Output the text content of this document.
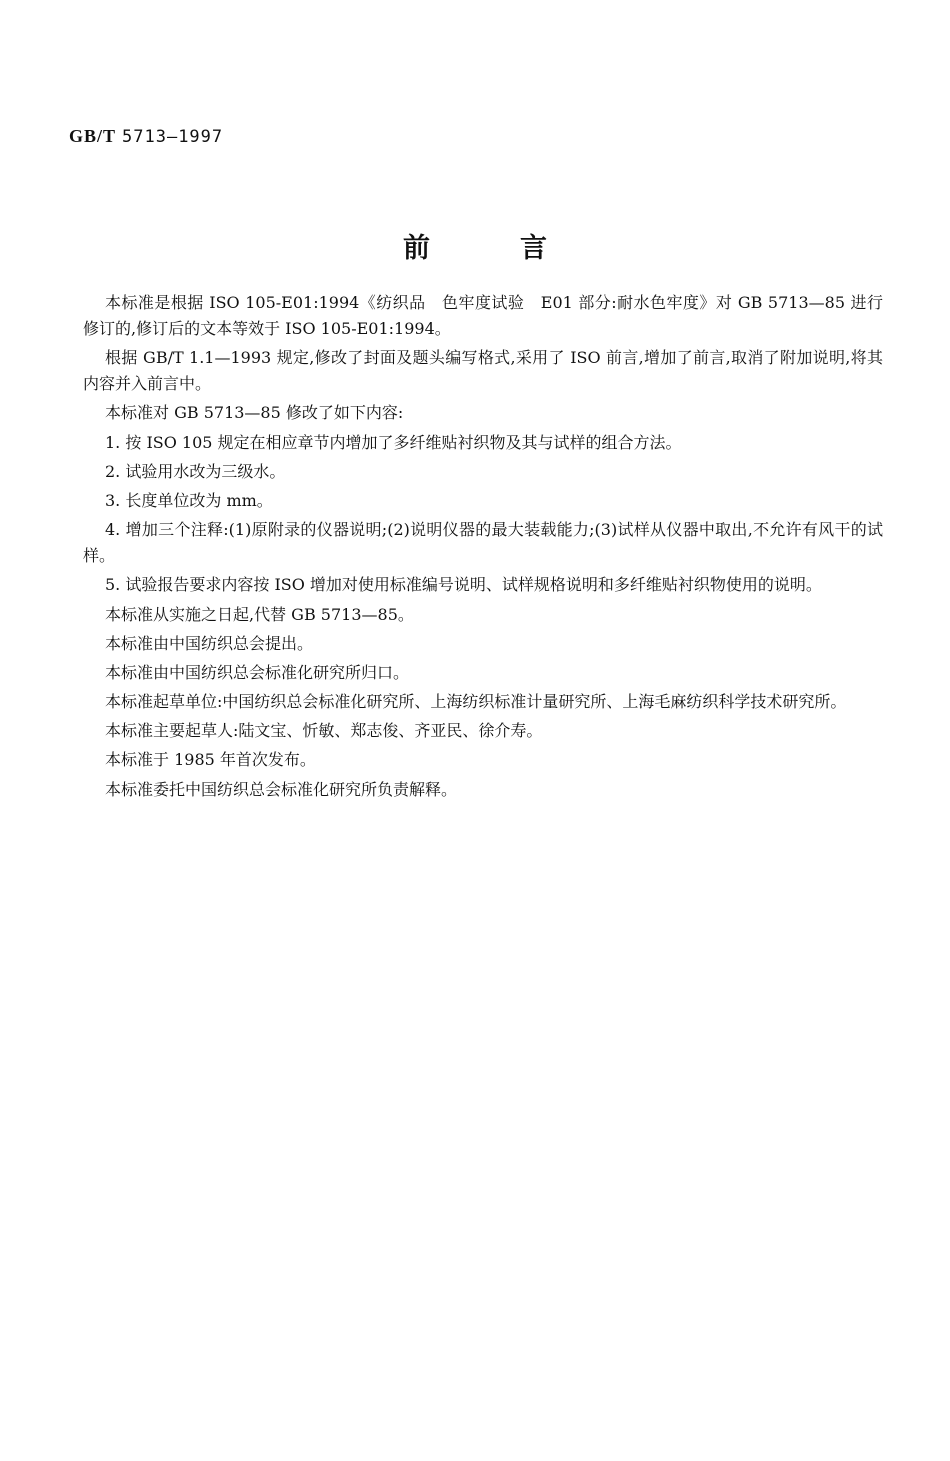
GB/T 5713—1997
前言

本标准是根据 ISO 105-E01:1994《纺织品　色牢度试验　E01 部分:耐水色牢度》对 GB 5713—85 进行修订的,修订后的文本等效于 ISO 105-E01:1994。

根据 GB/T 1.1—1993 规定,修改了封面及题头编写格式,采用了 ISO 前言,增加了前言,取消了附加说明,将其内容并入前言中。

本标准对 GB 5713—85 修改了如下内容:

1. 按 ISO 105 规定在相应章节内增加了多纤维贴衬织物及其与试样的组合方法。

2. 试验用水改为三级水。

3. 长度单位改为 mm。

4. 增加三个注释:(1)原附录的仪器说明;(2)说明仪器的最大装载能力;(3)试样从仪器中取出,不允许有风干的试样。

5. 试验报告要求内容按 ISO 增加对使用标准编号说明、试样规格说明和多纤维贴衬织物使用的说明。

本标准从实施之日起,代替 GB 5713—85。

本标准由中国纺织总会提出。

本标准由中国纺织总会标准化研究所归口。

本标准起草单位:中国纺织总会标准化研究所、上海纺织标准计量研究所、上海毛麻纺织科学技术研究所。

本标准主要起草人:陆文宝、忻敏、郑志俊、齐亚民、徐介寿。

本标准于 1985 年首次发布。

本标准委托中国纺织总会标准化研究所负责解释。
